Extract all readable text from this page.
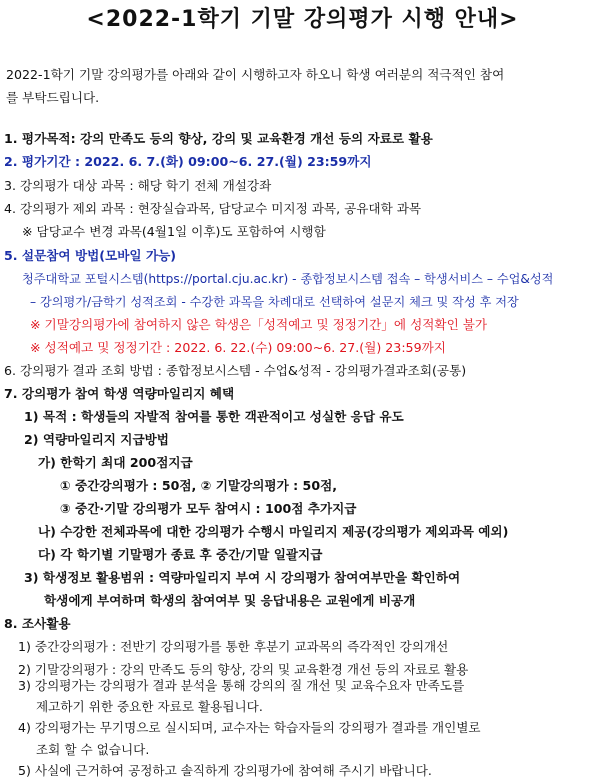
<2022-1학기 기말 강의평가 시행 안내>
2022-1학기 기말 강의평가를 아래와 같이 시행하고자 하오니 학생 여러분의 적극적인 참여
를 부탁드립니다.
1. 평가목적: 강의 만족도 등의 향상, 강의 및 교육환경 개선 등의 자료로 활용
2. 평가기간 : 2022. 6. 7.(화) 09:00~6. 27.(월) 23:59까지
3. 강의평가 대상 과목 : 해당 학기 전체 개설강좌
4. 강의평가 제외 과목 : 현장실습과목, 담당교수 미지정 과목, 공유대학 과목
※ 담당교수 변경 과목(4월1일 이후)도 포함하여 시행함
5. 설문참여 방법(모바일 가능)
청주대학교 포털시스템(https://portal.cju.ac.kr) - 종합정보시스템 접속 – 학생서비스 – 수업&성적
– 강의평가/금학기 성적조회 - 수강한 과목을 차례대로 선택하여 설문지 체크 및 작성 후 저장
※ 기말강의평가에 참여하지 않은 학생은「성적예고 및 정정기간」에 성적확인 불가
※ 성적예고 및 정정기간 : 2022. 6. 22.(수) 09:00~6. 27.(월) 23:59까지
6. 강의평가 결과 조회 방법 : 종합정보시스템 - 수업&성적 - 강의평가결과조회(공통)
7. 강의평가 참여 학생 역량마일리지 혜택
1) 목적 : 학생들의 자발적 참여를 통한 객관적이고 성실한 응답 유도
2) 역량마일리지 지급방법
가) 한학기 최대 200점지급
① 중간강의평가 : 50점, ② 기말강의평가 : 50점,
③ 중간·기말 강의평가 모두 참여시 : 100점 추가지급
나) 수강한 전체과목에 대한 강의평가 수행시 마일리지 제공(강의평가 제외과목 예외)
다) 각 학기별 기말평가 종료 후 중간/기말 일괄지급
3) 학생정보 활용범위 : 역량마일리지 부여 시 강의평가 참여여부만을 확인하여
학생에게 부여하며 학생의 참여여부 및 응답내용은 교원에게 비공개
8. 조사활용
1) 중간강의평가 : 전반기 강의평가를 통한 후분기 교과목의 즉각적인 강의개선
2) 기말강의평가 : 강의 만족도 등의 향상, 강의 및 교육환경 개선 등의 자료로 활용
3) 강의평가는 강의평가 결과 분석을 통해 강의의 질 개선 및 교육수요자 만족도를
제고하기 위한 중요한 자료로 활용됩니다.
4) 강의평가는 무기명으로 실시되며, 교수자는 학습자들의 강의평가 결과를 개인별로
조회 할 수 없습니다.
5) 사실에 근거하여 공정하고 솔직하게 강의평가에 참여해 주시기 바랍니다.
